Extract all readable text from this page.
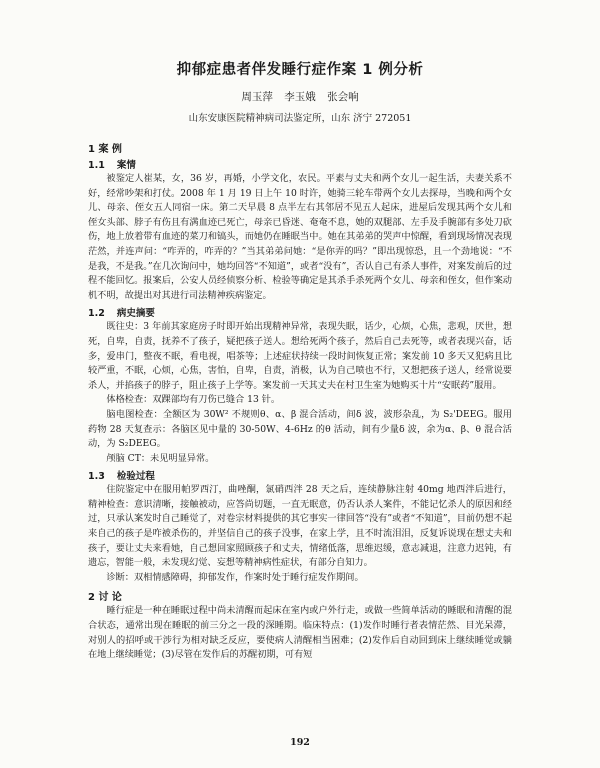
抑郁症患者伴发睡行症作案 1 例分析
周玉萍 李玉娥 张会响
山东安康医院精神病司法鉴定所，山东 济宁 272051
1 案 例
1.1 案情

被鉴定人崔某，女，36 岁，再婚，小学文化，农民。平素与丈夫和两个女儿一起生活，夫妻关系不好，经常吵架和打仗。2008 年 1 月 19 日上午 10 时许，她骑三轮车带两个女儿去探母，当晚和两个女儿、母亲、侄女五人同宿一床。第二天早晨 8 点半左右其邻居不见五人起床，进屋后发现其两个女儿和侄女头部、脖子有伤且有满血迹已死亡，母亲已昏迷、奄奄不息，她的双腿部、左手及手腕部有多处刀砍伤，地上放着带有血迹的菜刀和镐头，而她仍在睡眠当中。她在其弟弟的哭声中惊醒，看到现场情况表现茫然，并连声问：“咋弄的，咋弄的？”当其弟弟问她：“是你弄的吗？”即出现惊恐，且一个劲地说：“不是我，不是我。”在几次询问中，她均回答“不知道”，或者“没有”，否认自己有杀人事件，对案发前后的过程不能回忆。报案后，公安人员经侦察分析、检验等确定是其杀手杀死两个女儿、母亲和侄女，但作案动机不明，故提出对其进行司法精神疾病鉴定。

1.2 病史摘要

既往史：3 年前其家庭房子时即开始出现精神异常，表现失眠，话少，心烦，心焦，悲观，厌世，想死，自卑，自责，抚养不了孩子，疑把孩子送人。想给死两个孩子，然后自己去死等，或者表现兴奋，话多，爱串门，整夜不眠，看电视，唱茶等；上述症状持续一段时间恢复正常；案发前 10 多天又犯病且比较严重，不眠，心烦，心焦，害怕，自卑，自责，消极，认为自己喷也不行，又想把孩子送人，经常说要杀人，并掐孩子的脖子，阻止孩子上学等。案发前一天其丈夫在村卫生室为她购买十片“安眠药”服用。

体格检查：双踝部均有刀伤已缝合 13 针。

脑电图检查：全额区为 30W² 不规则θ、α、β 混合活动，间δ 波，波形杂乱，为 S₂'DEEG。服用药物 28 天复查示：各脑区见中量的 30-50W、4-6Hz 的θ 活动，间有少量δ 波，余为α、β、θ 混合活动，为 S₂DEEG。

颅脑 CT：未见明显异常。

1.3 检验过程

住院鉴定中在服用帕罗西汀，曲唑酮，氯硝西泮 28 天之后，连续静脉注射 40mg 地西泮后进行，精神检查：意识清晰，接触被动，应答尚切题，一直无眠意，仍否认杀人案件，不能记忆杀人的原因和经过，只承认案发时自己睡觉了，对卷宗材料提供的其它事实一律回答“没有”或者“不知道”，目前仍想不起来自己的孩子是咋被杀伤的，并坚信自己的孩子没事，在家上学，且不时流泪泪，反复诉说现在想丈夫和孩子，要让丈夫来看她，自己想回家照顾孩子和丈夫，情绪低落，思维迟缓，意志减退，注意力迟钝，有遗忘，智能一般，未发现幻觉、妄想等精神病性症状，有部分自知力。

诊断：双相情感障碍，抑郁发作，作案时处于睡行症发作期间。

2 讨 论

睡行症是一种在睡眠过程中尚未清醒而起床在室内或户外行走，或做一些简单活动的睡眠和清醒的混合状态，通常出现在睡眠的前三分之一段的深睡期。临床特点：(1)发作时睡行者表情茫然、目光呆滞，对别人的招呼或干涉行为相对缺乏反应，要使病人清醒相当困难；(2)发作后自动回到床上继续睡觉或躺在地上继续睡觉；(3)尽管在发作后的苏醒初期，可有短

192
